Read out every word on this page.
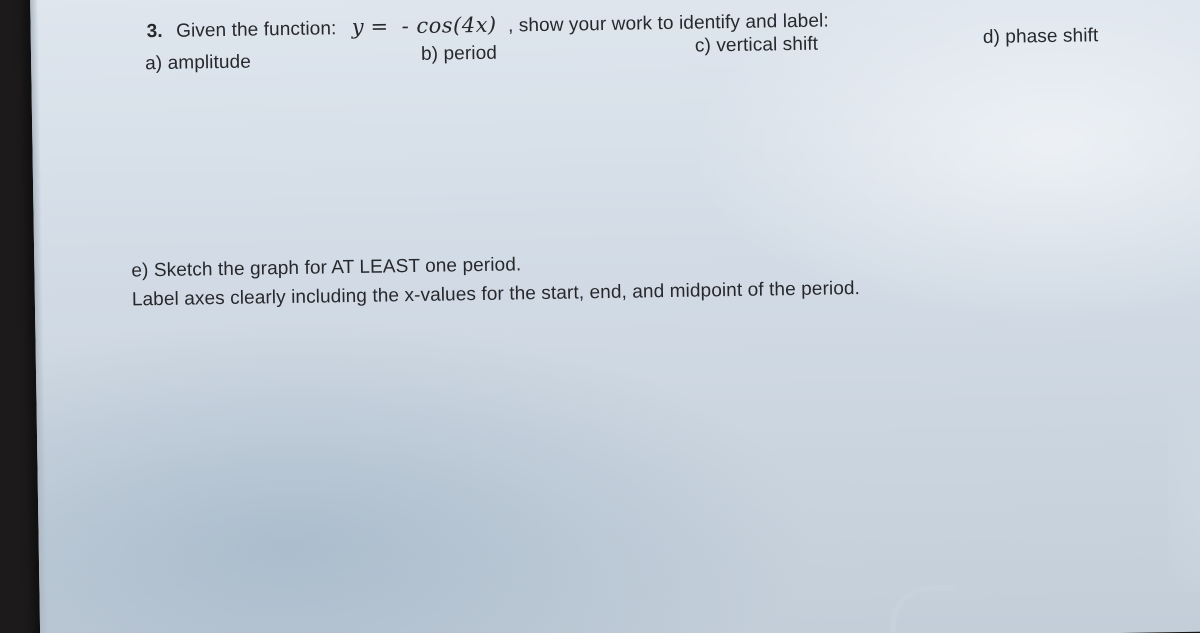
3. Given the function: y = - cos(4x) , show your work to identify and label:
a) amplitude	b) period	c) vertical shift	d) phase shift
e) Sketch the graph for AT LEAST one period.
Label axes clearly including the x-values for the start, end, and midpoint of the period.
